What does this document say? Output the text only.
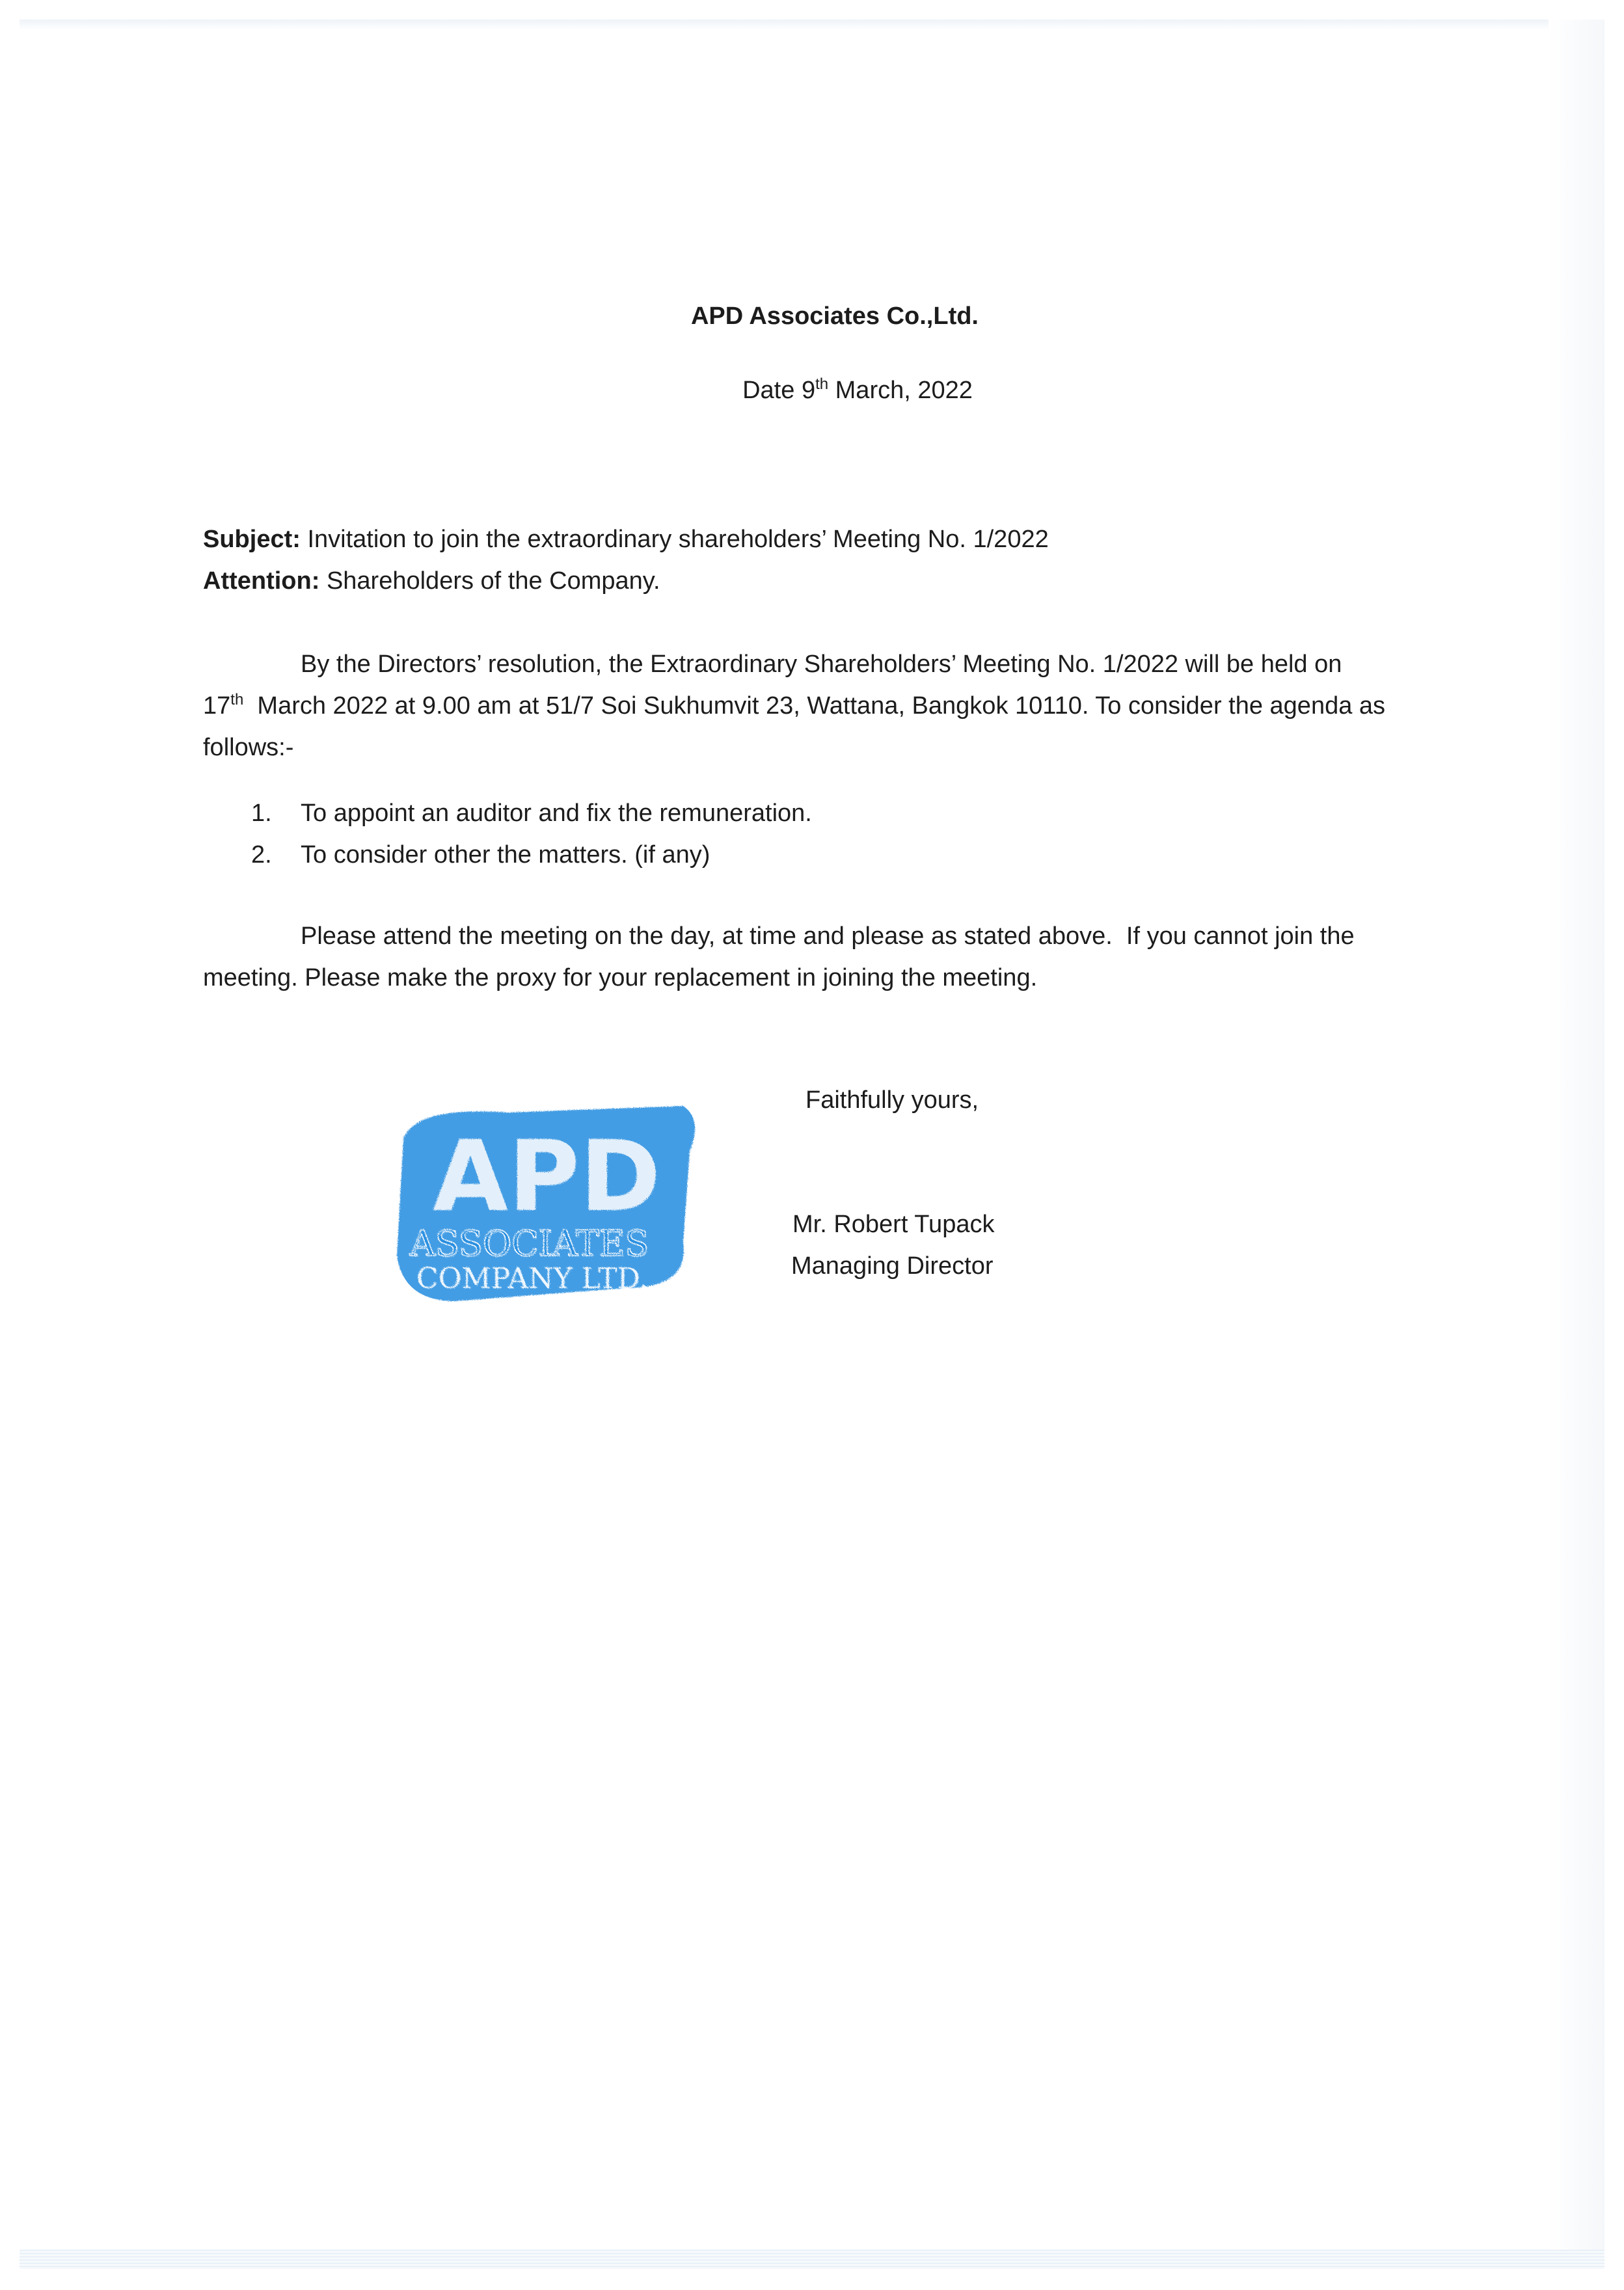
APD Associates Co.,Ltd.
Date 9th March, 2022
Subject: Invitation to join the extraordinary shareholders’ Meeting No. 1/2022
Attention: Shareholders of the Company.
By the Directors’ resolution, the Extraordinary Shareholders’ Meeting No. 1/2022 will be held on
17th  March 2022 at 9.00 am at 51/7 Soi Sukhumvit 23, Wattana, Bangkok 10110. To consider the agenda as
follows:-
1. To appoint an auditor and fix the remuneration.
2. To consider other the matters. (if any)
Please attend the meeting on the day, at time and please as stated above.  If you cannot join the
meeting. Please make the proxy for your replacement in joining the meeting.
Faithfully yours,
APD
ASSOCIATES
COMPANY LTD.
Mr. Robert Tupack
Managing Director
